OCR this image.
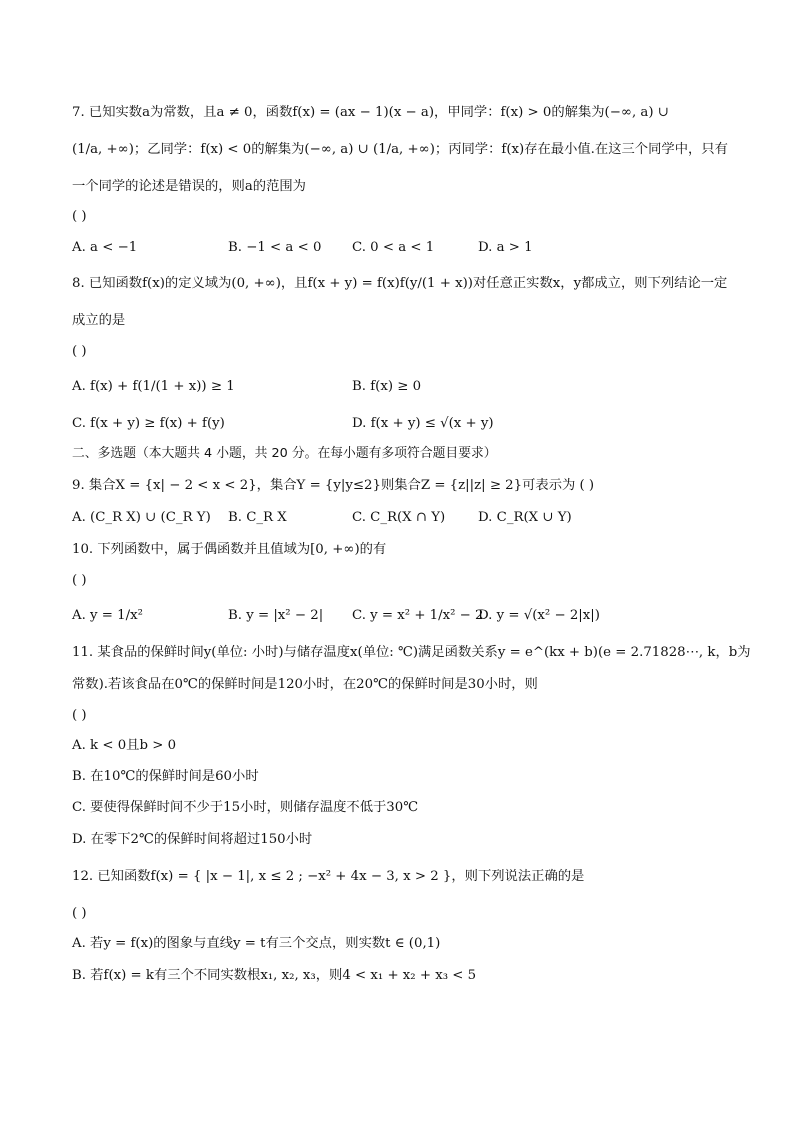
7. 已知实数a为常数，且a ≠ 0，函数f(x) = (ax − 1)(x − a)，甲同学：f(x) > 0的解集为(−∞, a) ∪
(1/a, +∞)；乙同学：f(x) < 0的解集为(−∞, a) ∪ (1/a, +∞)；丙同学：f(x)存在最小值.在这三个同学中，只有
一个同学的论述是错误的，则a的范围为
( )
A. a < −1	B. −1 < a < 0 C. 0 < a < 1	D. a > 1
8. 已知函数f(x)的定义域为(0, +∞)，且f(x + y) = f(x)f(y/(1 + x))对任意正实数x，y都成立，则下列结论一定
成立的是
( )
A. f(x) + f(1/(1 + x)) ≥ 1	B. f(x) ≥ 0
C. f(x + y) ≥ f(x) + f(y)	D. f(x + y) ≤ √(x + y)
二、多选题（本大题共 4 小题，共 20 分。在每小题有多项符合题目要求）
9. 集合X = {x| − 2 < x < 2}，集合Y = {y|y≤2}则集合Z = {z||z| ≥ 2}可表示为 ( )
A. (C_R X) ∪ (C_R Y) B. C_R X	C. C_R(X ∩ Y) D. C_R(X ∪ Y)
10. 下列函数中，属于偶函数并且值域为[0, +∞)的有
( )
A. y = 1/x²	B. y = |x² − 2| C. y = x² + 1/x² − 2
D. y = √(x² − 2|x|)
11. 某食品的保鲜时间y(单位: 小时)与储存温度x(单位: ℃)满足函数关系y = e^(kx + b)(e = 2.71828⋯, k，b为
常数).若该食品在0℃的保鲜时间是120小时，在20℃的保鲜时间是30小时，则
( )
A. k < 0且b > 0
B. 在10℃的保鲜时间是60小时
C. 要使得保鲜时间不少于15小时，则储存温度不低于30℃
D. 在零下2℃的保鲜时间将超过150小时
12. 已知函数f(x) = { |x − 1|, x ≤ 2 ; −x² + 4x − 3, x > 2 }，则下列说法正确的是
( )
A. 若y = f(x)的图象与直线y = t有三个交点，则实数t ∈ (0,1)
B. 若f(x) = k有三个不同实数根x₁, x₂, x₃，则4 < x₁ + x₂ + x₃ < 5
